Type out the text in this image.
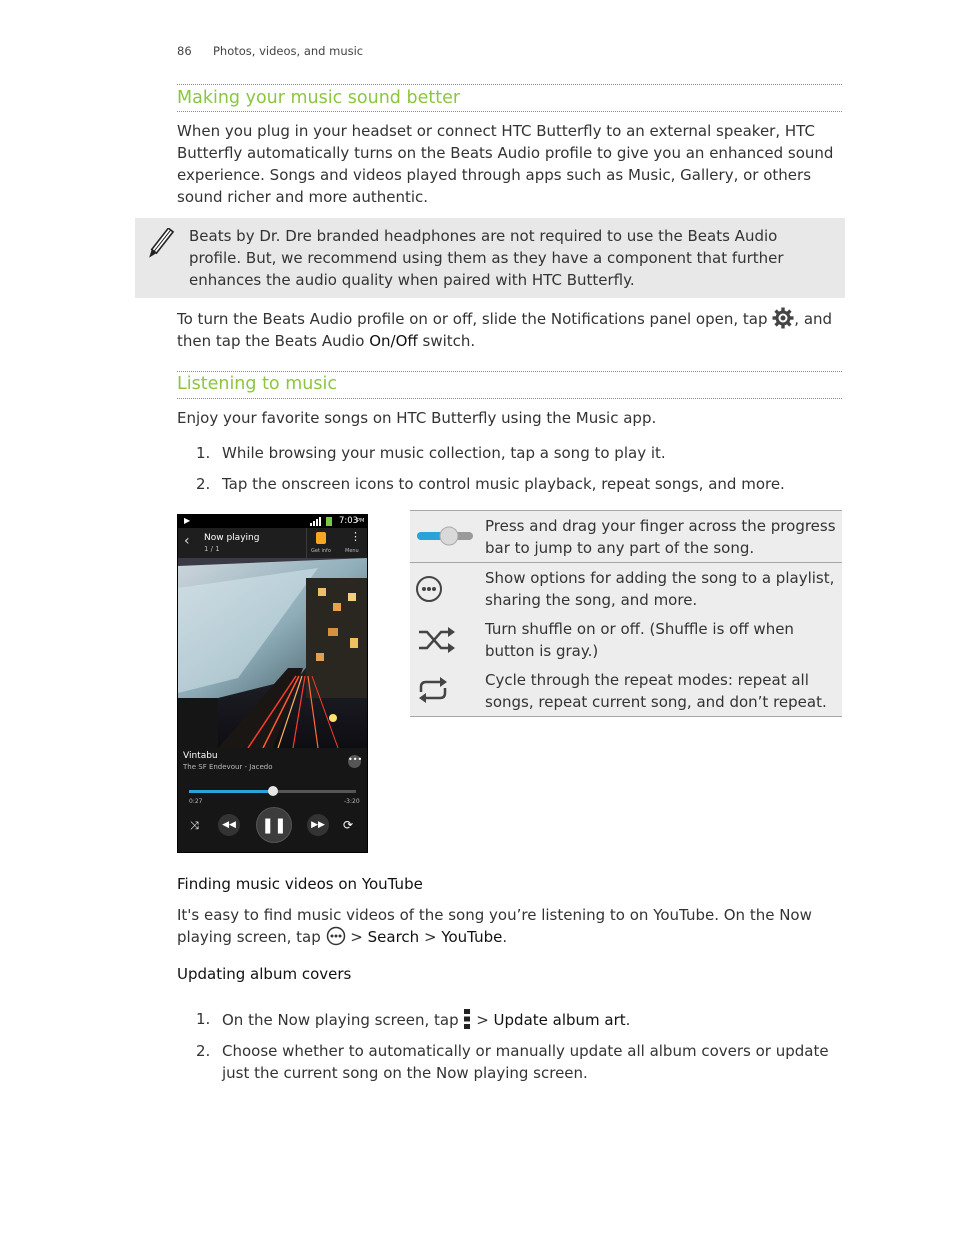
86 Photos, videos, and music
Making your music sound better

When you plug in your headset or connect HTC Butterfly to an external speaker, HTC Butterfly automatically turns on the Beats Audio profile to give you an enhanced sound experience. Songs and videos played through apps such as Music, Gallery, or others sound richer and more authentic.

Beats by Dr. Dre branded headphones are not required to use the Beats Audio profile. But, we recommend using them as they have a component that further enhances the audio quality when paired with HTC Butterfly.

To turn the Beats Audio profile on or off, slide the Notifications panel open, tap , and then tap the Beats Audio On/Off switch.

Listening to music

Enjoy your favorite songs on HTC Butterfly using the Music app.

1. While browsing your music collection, tap a song to play it.

2. Tap the onscreen icons to control music playback, repeat songs, and more.

▶	7:03
PM
‹ Now playing
1 / 1	Get info
⋮
Menu
Vintabu
The SF Endevour - Jacedo
•••
0:27	-3:20
⤨	◀◀	❚❚	▶▶	⟳

Press and drag your finger across the progress bar to jump to any part of the song.

Show options for adding the song to a playlist, sharing the song, and more.

Turn shuffle on or off. (Shuffle is off when button is gray.)

Cycle through the repeat modes: repeat all songs, repeat current song, and don’t repeat.

Finding music videos on YouTube

It's easy to find music videos of the song you’re listening to on YouTube. On the Now
playing screen, tap > Search > YouTube.

Updating album covers

1. On the Now playing screen, tap > Update album art.

2. Choose whether to automatically or manually update all album covers or update just the current song on the Now playing screen.
